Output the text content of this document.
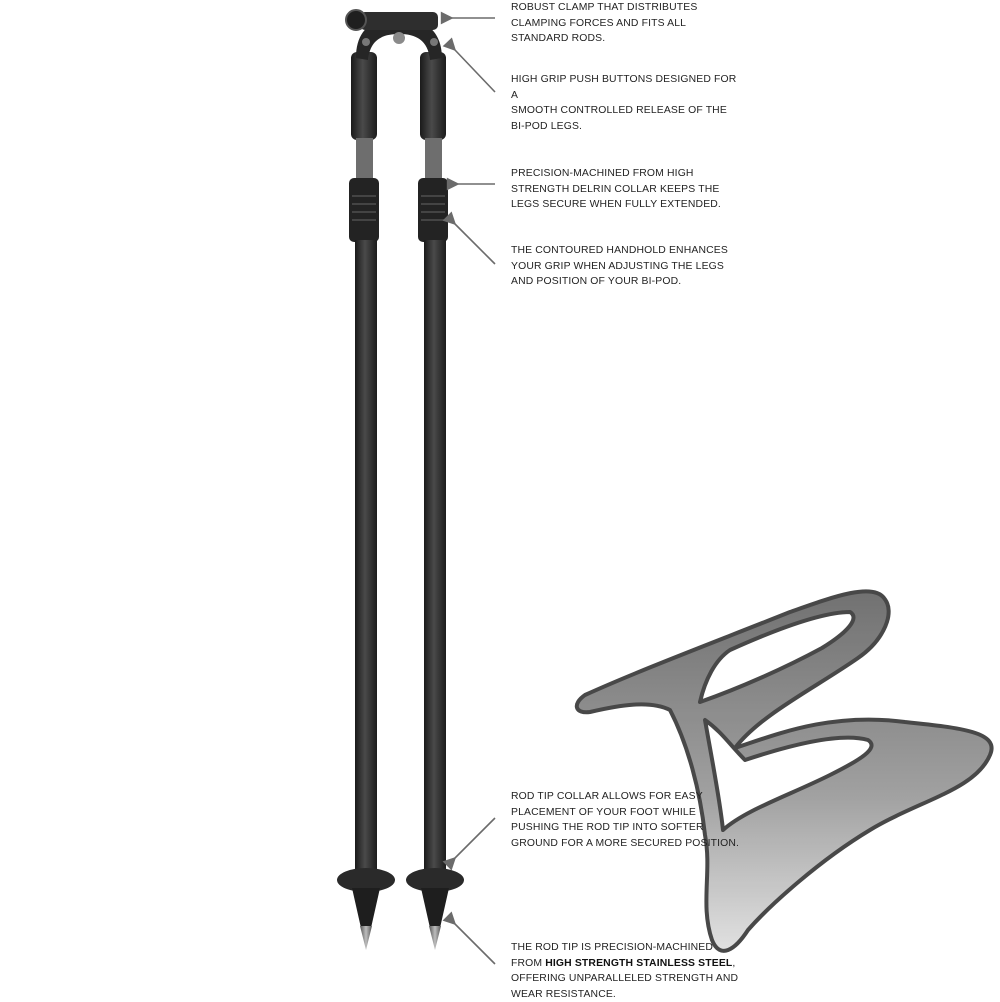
B
ROBUST CLAMP THAT DISTRIBUTES
CLAMPING FORCES AND FITS ALL
STANDARD RODS.
HIGH GRIP PUSH BUTTONS DESIGNED FOR A
SMOOTH CONTROLLED RELEASE OF THE
BI-POD LEGS.
PRECISION-MACHINED FROM HIGH
STRENGTH DELRIN COLLAR KEEPS THE
LEGS SECURE WHEN FULLY EXTENDED.
THE CONTOURED HANDHOLD ENHANCES
YOUR GRIP WHEN ADJUSTING THE LEGS
AND POSITION OF YOUR BI-POD.
ROD TIP COLLAR ALLOWS FOR EASY
PLACEMENT OF YOUR FOOT WHILE
PUSHING THE ROD TIP INTO SOFTER
GROUND FOR A MORE SECURED POSITION.
THE ROD TIP IS PRECISION-MACHINED
FROM HIGH STRENGTH STAINLESS STEEL,
OFFERING UNPARALLELED STRENGTH AND
WEAR RESISTANCE.
